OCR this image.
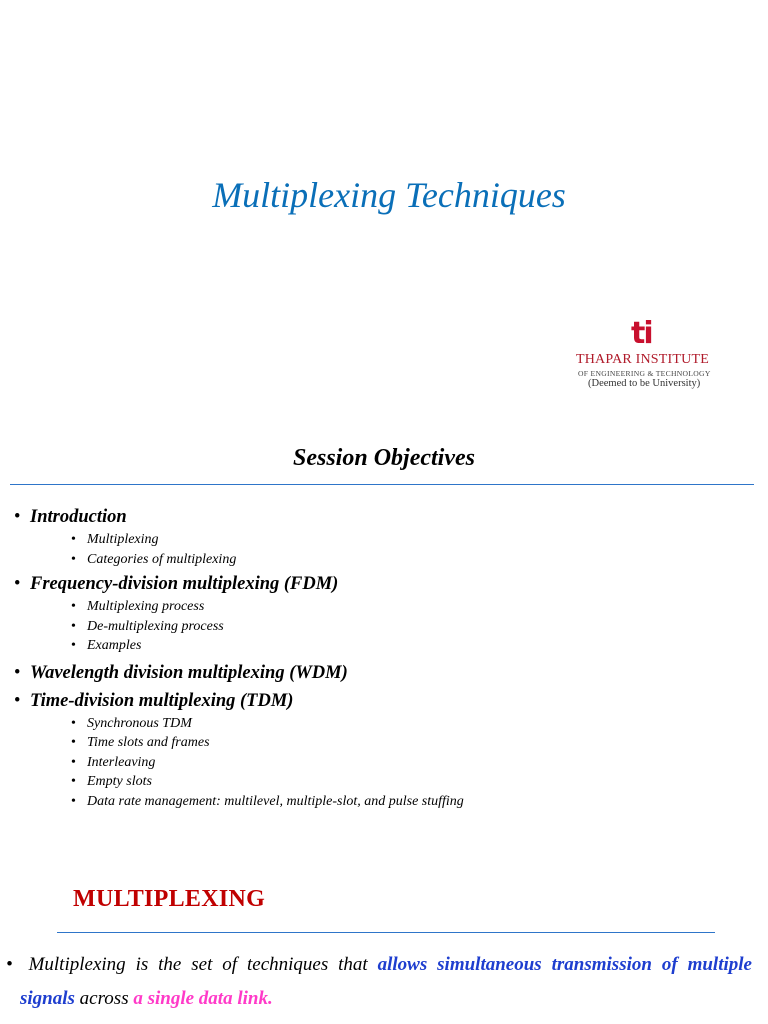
Multiplexing Techniques
ti
THAPAR INSTITUTE
OF ENGINEERING & TECHNOLOGY
(Deemed to be University)
Session Objectives
• Introduction
• Multiplexing
• Categories of multiplexing
• Frequency-division multiplexing (FDM)
• Multiplexing process
• De-multiplexing process
• Examples
• Wavelength division multiplexing (WDM)
• Time-division multiplexing (TDM)
• Synchronous TDM
• Time slots and frames
• Interleaving
• Empty slots
• Data rate management: multilevel, multiple-slot, and pulse stuffing
MULTIPLEXING
• Multiplexing is the set of techniques that allows simultaneous transmission of multiple
signals across a single data link.
